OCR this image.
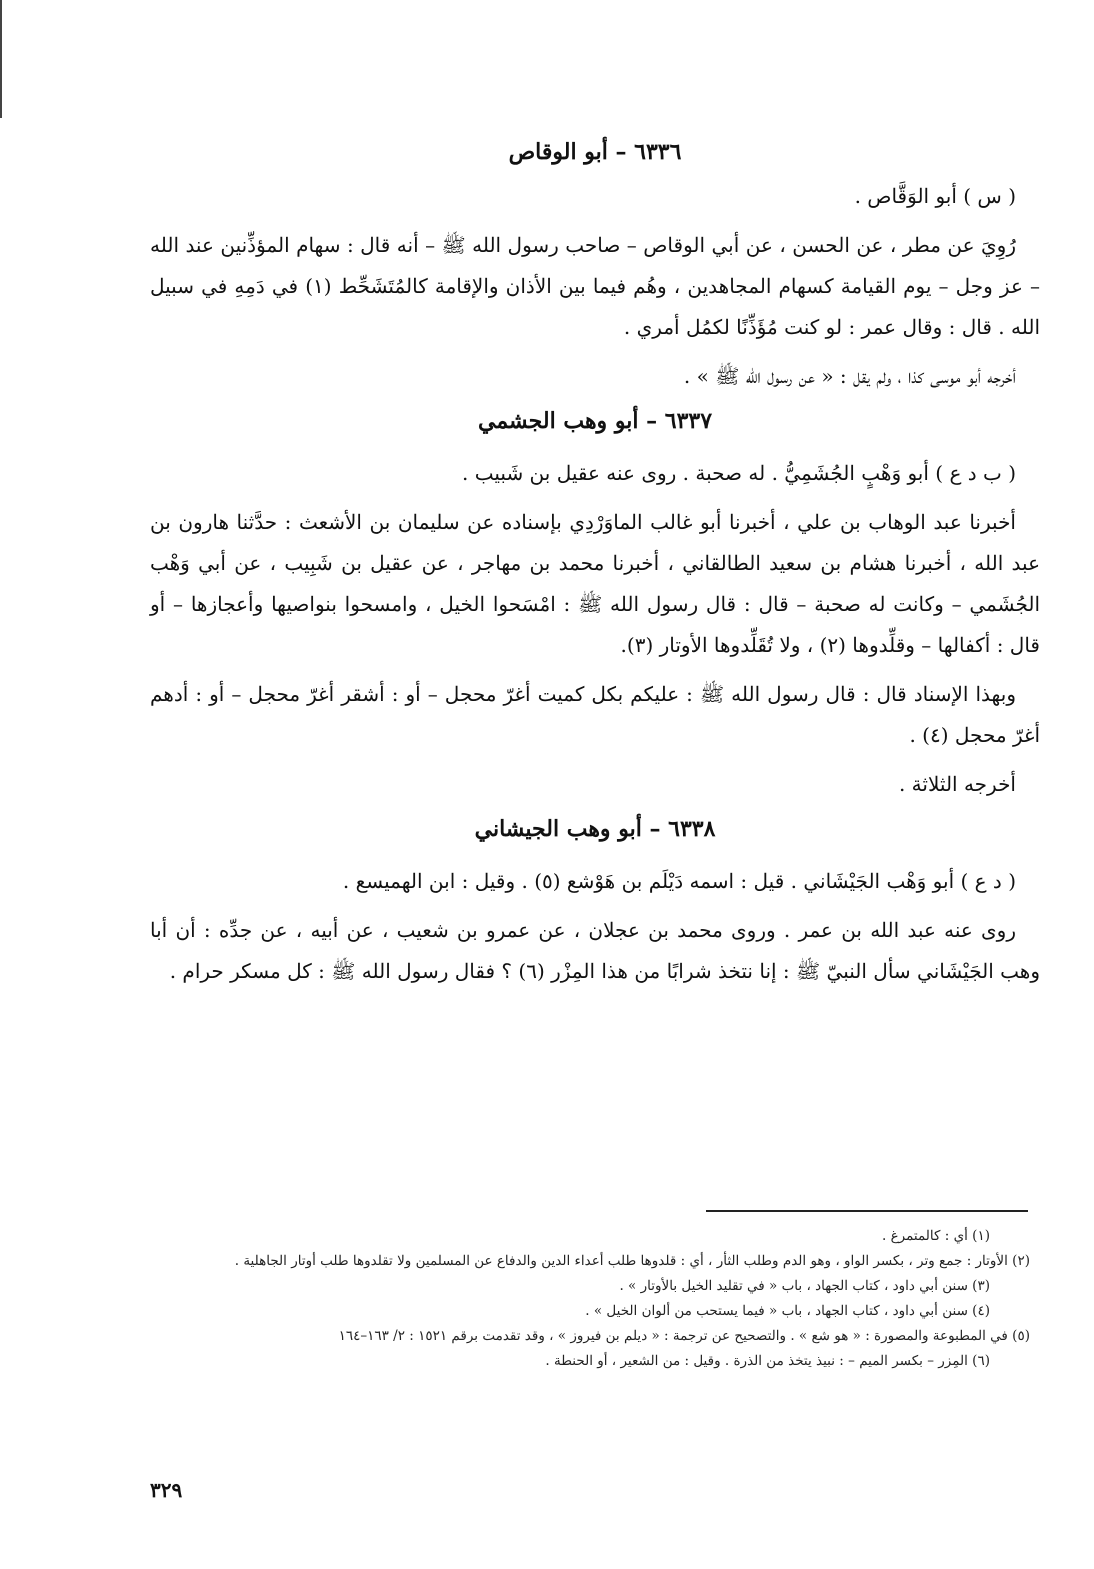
٦٣٣٦ – أبو الوقاص

( س ) أبو الوَقَّاص .

رُوِيَ عن مطر ، عن الحسن ، عن أبي الوقاص – صاحب رسول الله ﷺ – أنه قال : سهام المؤذِّنين عند الله – عز وجل – يوم القيامة كسهام المجاهدين ، وهُم فيما بين الأذان والإقامة كالمُتَشَحِّط (١) في دَمِهِ في سبيل الله . قال : وقال عمر : لو كنت مُؤَذِّنًا لكمُل أمري .

أخرجه أبو موسى كذا ، ولم يقل : « عن رسول الله ﷺ » .

٦٣٣٧ – أبو وهب الجشمي

( ب د ع ) أبو وَهْبٍ الجُشَمِيُّ . له صحبة . روى عنه عقيل بن شَبيب .

أخبرنا عبد الوهاب بن علي ، أخبرنا أبو غالب الماوَرْدِي بإسناده عن سليمان بن الأشعث : حدَّثنا هارون بن عبد الله ، أخبرنا هشام بن سعيد الطالقاني ، أخبرنا محمد بن مهاجر ، عن عقيل بن شَبِيب ، عن أبي وَهْب الجُشَمي – وكانت له صحبة – قال : قال رسول الله ﷺ : امْسَحوا الخيل ، وامسحوا بنواصيها وأعجازها – أو قال : أكفالها – وقلِّدوها (٢) ، ولا تُقَلِّدوها الأوتار (٣).

وبهذا الإسناد قال : قال رسول الله ﷺ : عليكم بكل كميت أغرّ محجل – أو : أشقر أغرّ محجل – أو : أدهم أغرّ محجل (٤) .

أخرجه الثلاثة .

٦٣٣٨ – أبو وهب الجيشاني

( د ع ) أبو وَهْب الجَيْشَاني . قيل : اسمه دَيْلَم بن هَوْشع (٥) . وقيل : ابن الهميسع .

روى عنه عبد الله بن عمر . وروى محمد بن عجلان ، عن عمرو بن شعيب ، عن أبيه ، عن جدِّه : أن أبا وهب الجَيْشَاني سأل النبيّ ﷺ : إنا نتخذ شرابًا من هذا المِزْر (٦) ؟ فقال رسول الله ﷺ : كل مسكر حرام .

(١) أي : كالمتمرغ .

(٢) الأوتار : جمع وتر ، بكسر الواو ، وهو الدم وطلب الثأر ، أي : قلدوها طلب أعداء الدين والدفاع عن المسلمين ولا تقلدوها طلب أوتار الجاهلية .

(٣) سنن أبي داود ، كتاب الجهاد ، باب « في تقليد الخيل بالأوتار » .

(٤) سنن أبي داود ، كتاب الجهاد ، باب « فيما يستحب من ألوان الخيل » .

(٥) في المطبوعة والمصورة : « هو شع » . والتصحيح عن ترجمة : « ديلم بن فيروز » ، وقد تقدمت برقم ١٥٢١ : ٢/ ١٦٣–١٦٤

(٦) المِزر – بكسر الميم – : نبيذ يتخذ من الذرة . وقيل : من الشعير ، أو الحنطة .

٣٢٩
